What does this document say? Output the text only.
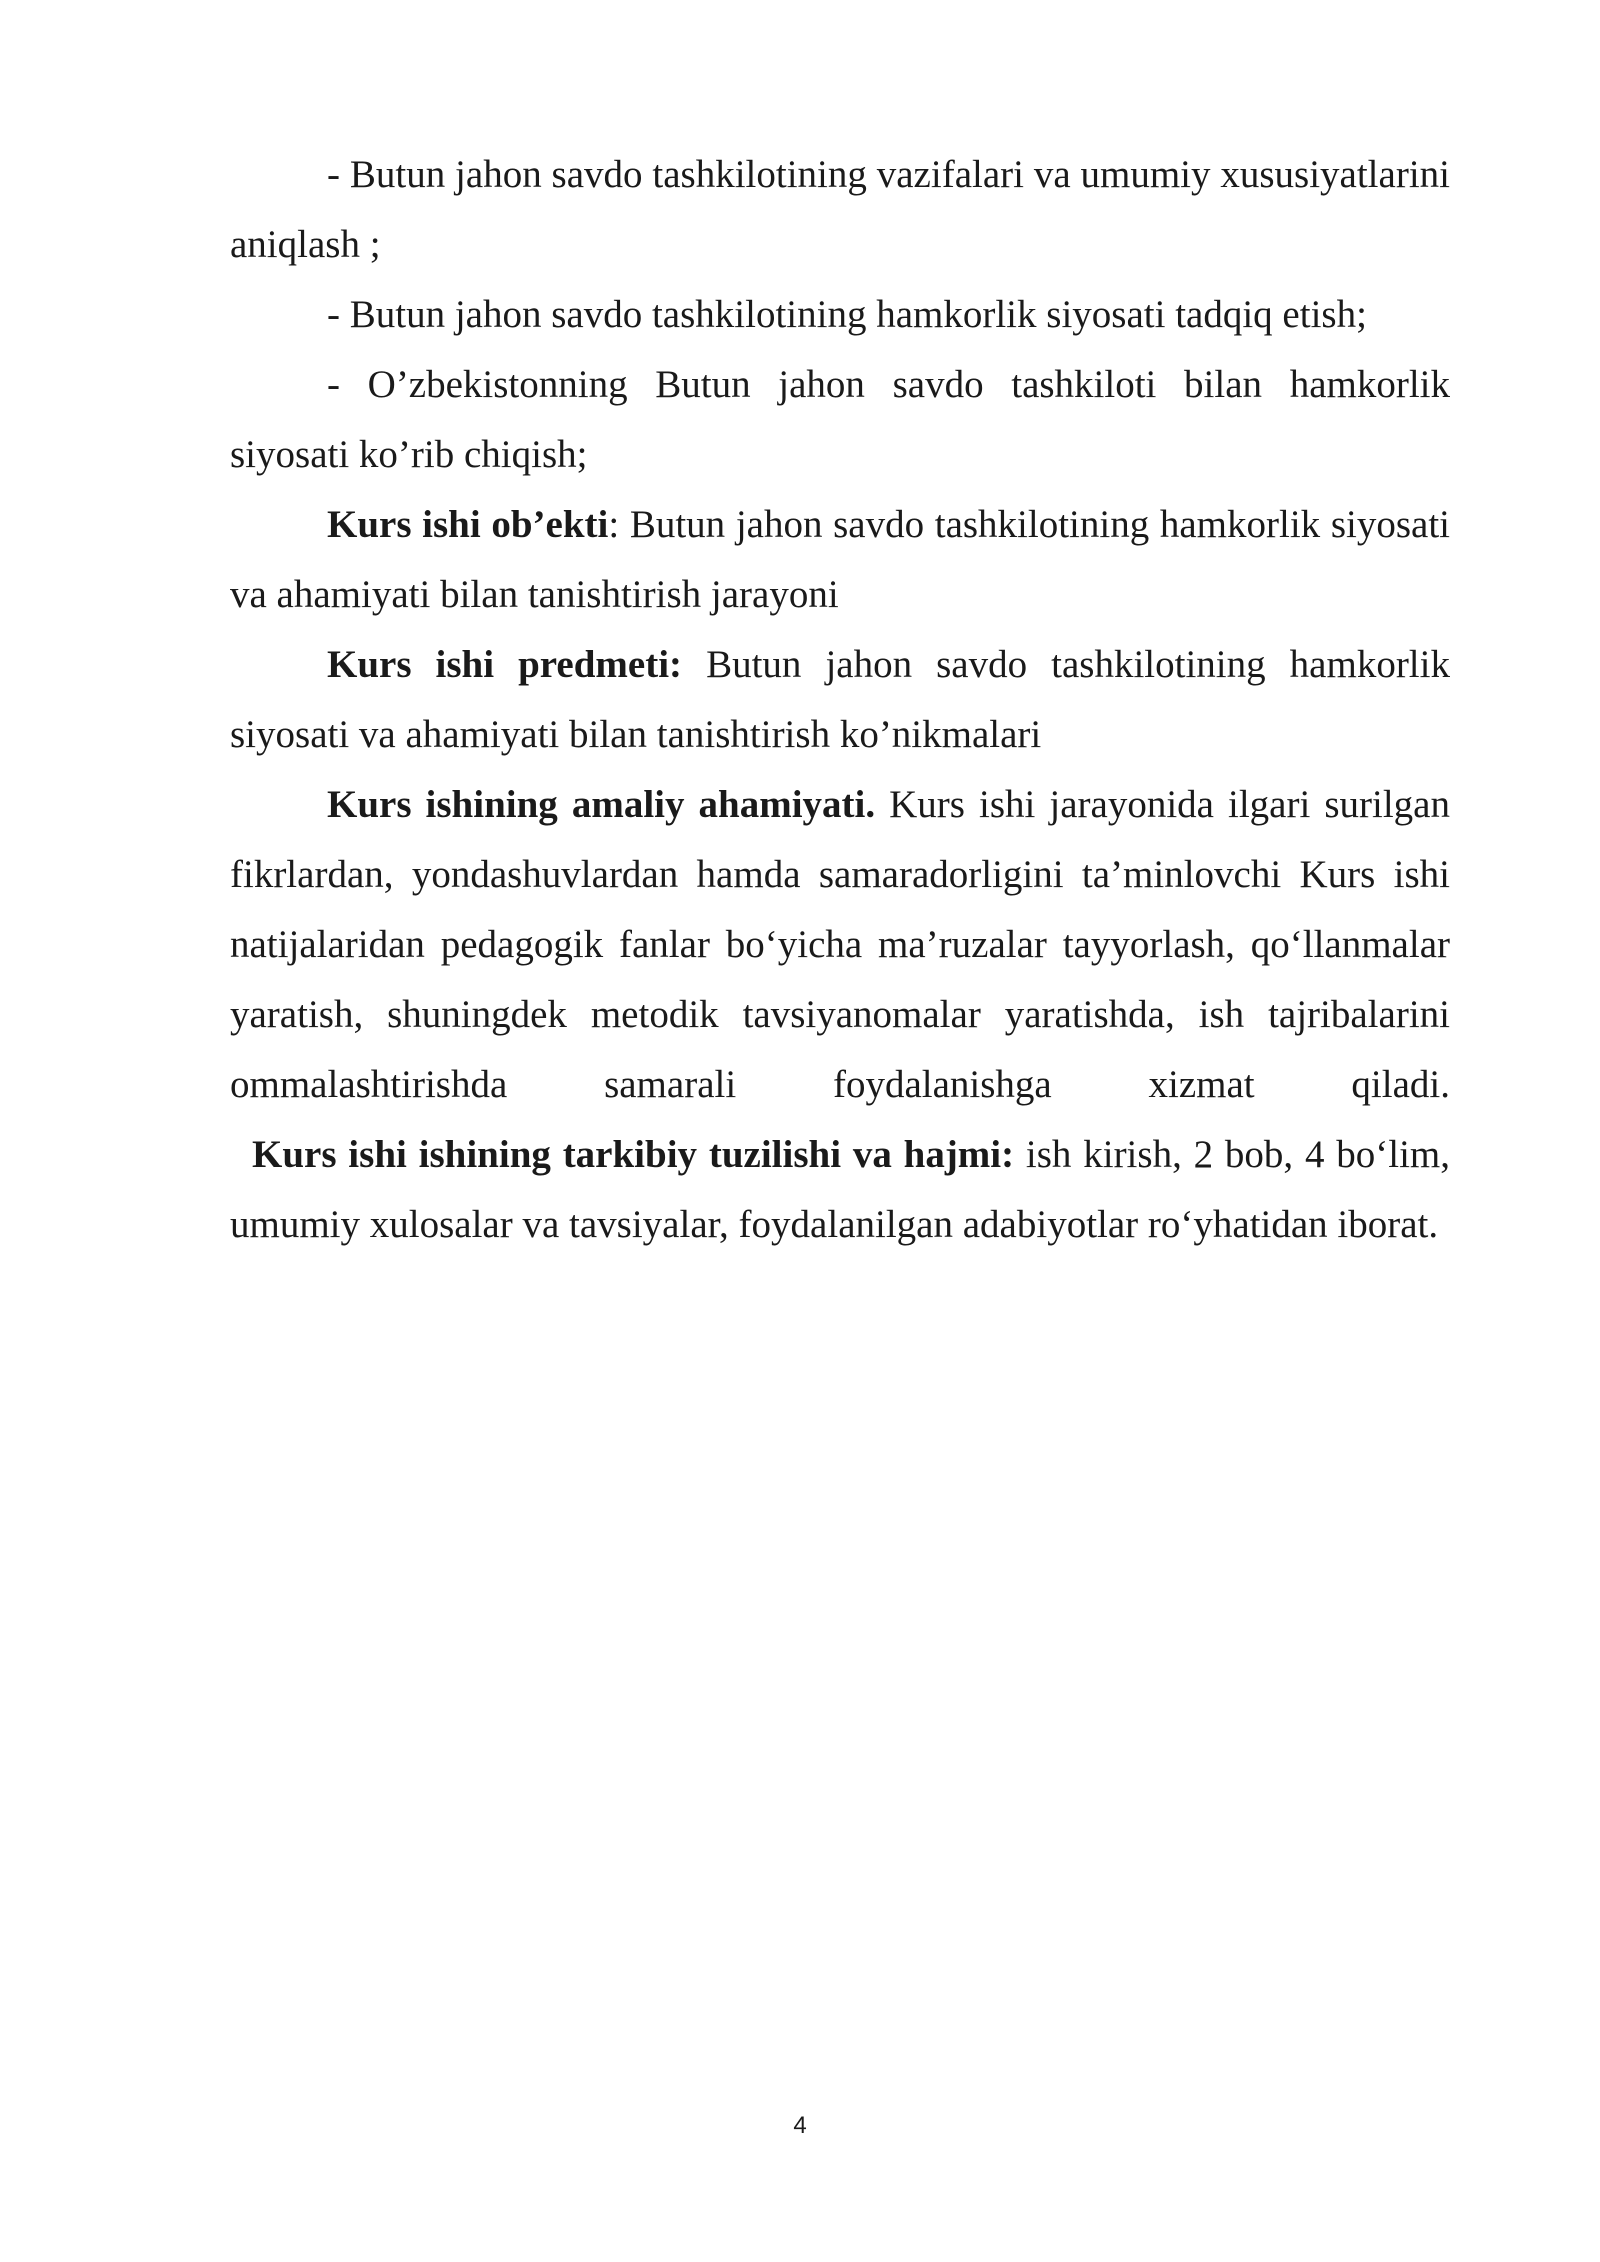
- Butun jahon savdo tashkilotining vazifalari va umumiy xususiyatlarini aniqlash ;

- Butun jahon savdo tashkilotining hamkorlik siyosati tadqiq etish;

- O’zbekistonning Butun jahon savdo tashkiloti bilan hamkorlik siyosati ko’rib chiqish;

Kurs ishi ob’ekti: Butun jahon savdo tashkilotining hamkorlik siyosati va ahamiyati bilan tanishtirish jarayoni

Kurs ishi predmeti: Butun jahon savdo tashkilotining hamkorlik siyosati va ahamiyati bilan tanishtirish ko’nikmalari

Kurs ishining amaliy ahamiyati. Kurs ishi jarayonida ilgari surilgan fikrlardan, yondashuvlardan hamda samaradorligini ta’minlovchi Kurs ishi natijalaridan pedagogik fanlar bo‘yicha ma’ruzalar tayyorlash, qo‘llanmalar yaratish, shuningdek metodik tavsiyanomalar yaratishda, ish tajribalarini ommalashtirishda samarali foydalanishga xizmat qiladi.

Kurs ishi ishining tarkibiy tuzilishi va hajmi: ish kirish, 2 bob, 4 bo‘lim, umumiy xulosalar va tavsiyalar, foydalanilgan adabiyotlar ro‘yhatidan iborat.

4
